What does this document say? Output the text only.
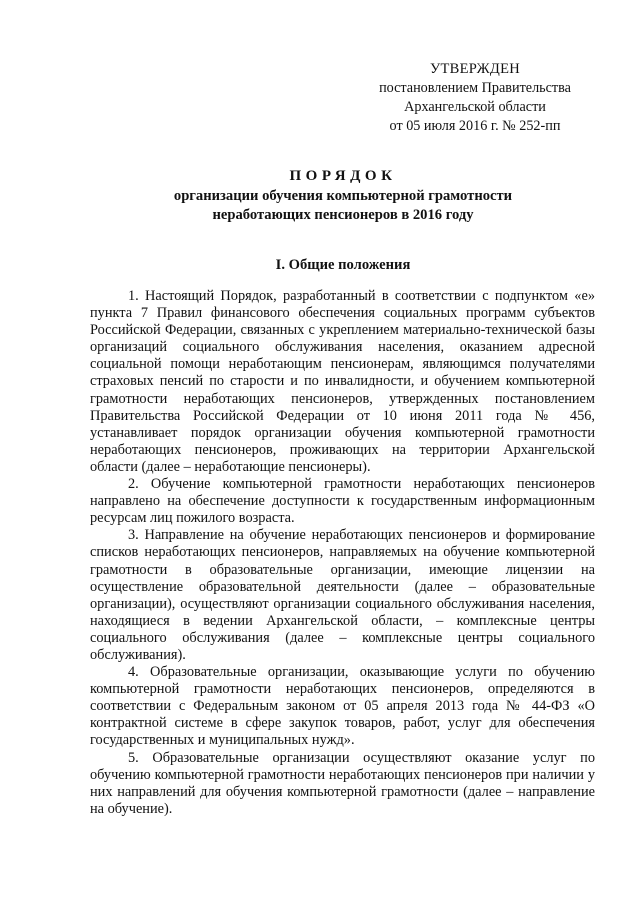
УТВЕРЖДЕН
постановлением Правительства
Архангельской области
от 05 июля 2016 г. № 252-пп
ПОРЯДОК
организации обучения компьютерной грамотности
неработающих пенсионеров в 2016 году
I. Общие положения

1. Настоящий Порядок, разработанный в соответствии с подпунктом «е» пункта 7 Правил финансового обеспечения социальных программ субъектов Российской Федерации, связанных с укреплением материально-технической базы организаций социального обслуживания населения, оказанием адресной социальной помощи неработающим пенсионерам, являющимся получателями страховых пенсий по старости и по инвалидности, и обучением компьютерной грамотности неработающих пенсионеров, утвержденных постановлением Правительства Российской Федерации от 10 июня 2011 года № 456, устанавливает порядок организации обучения компьютерной грамотности неработающих пенсионеров, проживающих на территории Архангельской области (далее – неработающие пенсионеры).

2. Обучение компьютерной грамотности неработающих пенсионеров направлено на обеспечение доступности к государственным информационным ресурсам лиц пожилого возраста.

3. Направление на обучение неработающих пенсионеров и формирование списков неработающих пенсионеров, направляемых на обучение компьютерной грамотности в образовательные организации, имеющие лицензии на осуществление образовательной деятельности (далее – образовательные организации), осуществляют организации социального обслуживания населения, находящиеся в ведении Архангельской области, – комплексные центры социального обслуживания (далее – комплексные центры социального обслуживания).

4. Образовательные организации, оказывающие услуги по обучению компьютерной грамотности неработающих пенсионеров, определяются в соответствии с Федеральным законом от 05 апреля 2013 года № 44-ФЗ «О контрактной системе в сфере закупок товаров, работ, услуг для обеспечения государственных и муниципальных нужд».

5. Образовательные организации осуществляют оказание услуг по обучению компьютерной грамотности неработающих пенсионеров при наличии у них направлений для обучения компьютерной грамотности (далее – направление на обучение).
